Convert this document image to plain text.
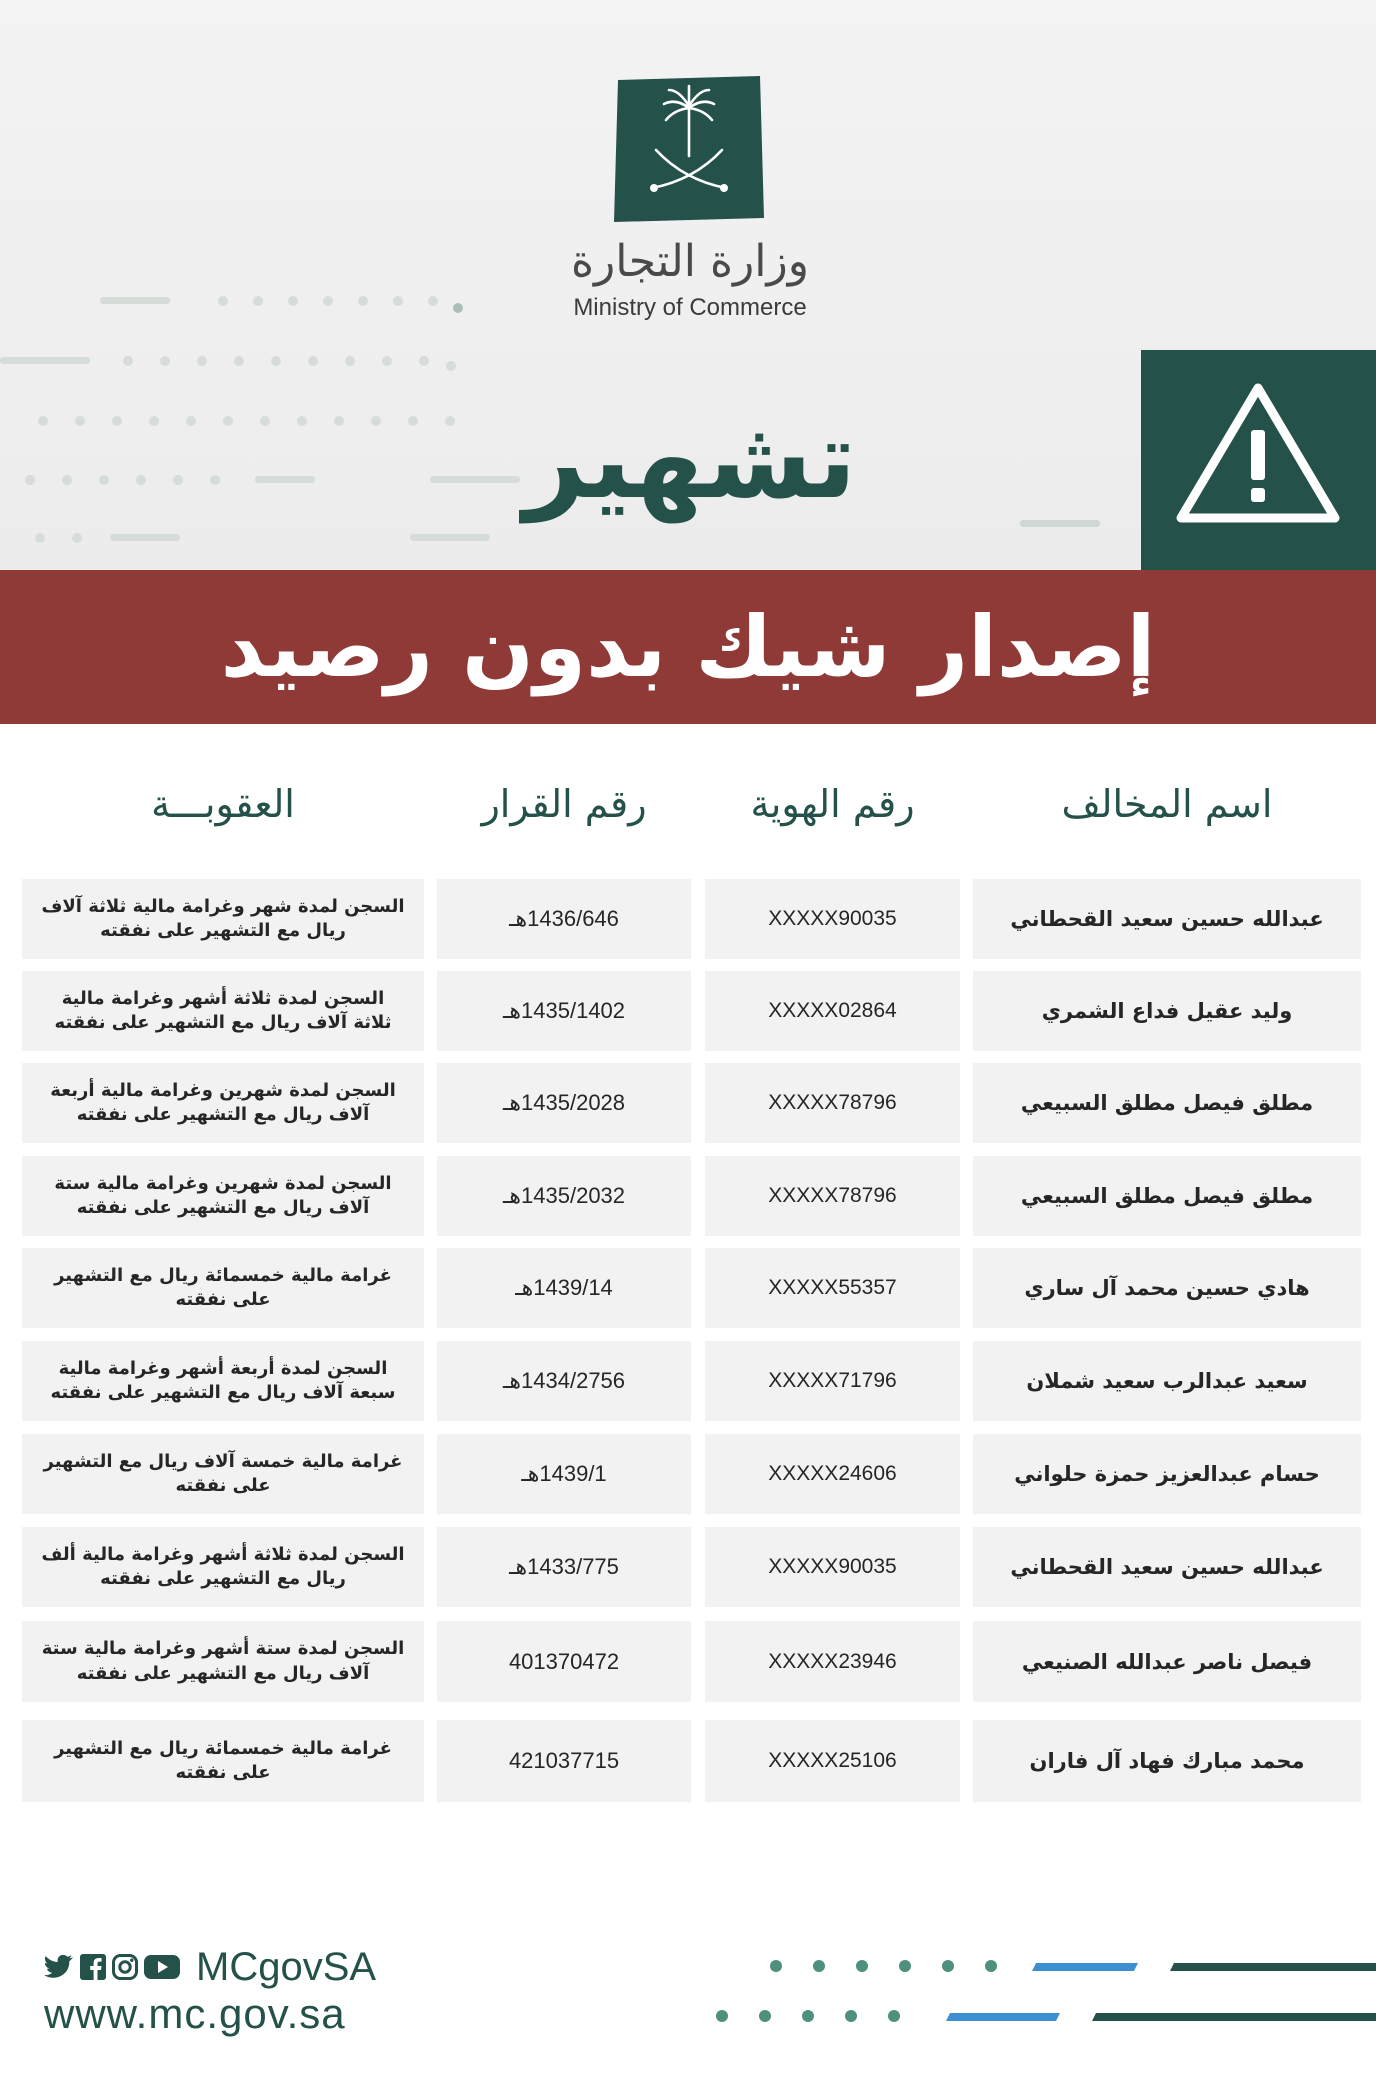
وزارة التجارة
Ministry of Commerce
تشهير
إصدار شيك بدون رصيد
اسم المخالف
رقم الهوية
رقم القرار
العقوبـــة
عبدالله حسين سعيد القحطاني
XXXXX90035
1436/646هـ
السجن لمدة شهر وغرامة مالية ثلاثة آلاف ريال مع التشهير على نفقته
وليد عقيل فداع الشمري
XXXXX02864
1435/1402هـ
السجن لمدة ثلاثة أشهر وغرامة مالية ثلاثة آلاف ريال مع التشهير على نفقته
مطلق فيصل مطلق السبيعي
XXXXX78796
1435/2028هـ
السجن لمدة شهرين وغرامة مالية أربعة آلاف ريال مع التشهير على نفقته
مطلق فيصل مطلق السبيعي
XXXXX78796
1435/2032هـ
السجن لمدة شهرين وغرامة مالية ستة آلاف ريال مع التشهير على نفقته
هادي حسين محمد آل ساري
XXXXX55357
1439/14هـ
غرامة مالية خمسمائة ريال مع التشهير على نفقته
سعيد عبدالرب سعيد شملان
XXXXX71796
1434/2756هـ
السجن لمدة أربعة أشهر وغرامة مالية سبعة آلاف ريال مع التشهير على نفقته
حسام عبدالعزيز حمزة حلواني
XXXXX24606
1439/1هـ
غرامة مالية خمسة آلاف ريال مع التشهير على نفقته
عبدالله حسين سعيد القحطاني
XXXXX90035
1433/775هـ
السجن لمدة ثلاثة أشهر وغرامة مالية ألف ريال مع التشهير على نفقته
فيصل ناصر عبدالله الصنيعي
XXXXX23946
401370472
السجن لمدة ستة أشهر وغرامة مالية ستة آلاف ريال مع التشهير على نفقته
محمد مبارك فهاد آل فاران
XXXXX25106
421037715
غرامة مالية خمسمائة ريال مع التشهير على نفقته
MCgovSA
www.mc.gov.sa
